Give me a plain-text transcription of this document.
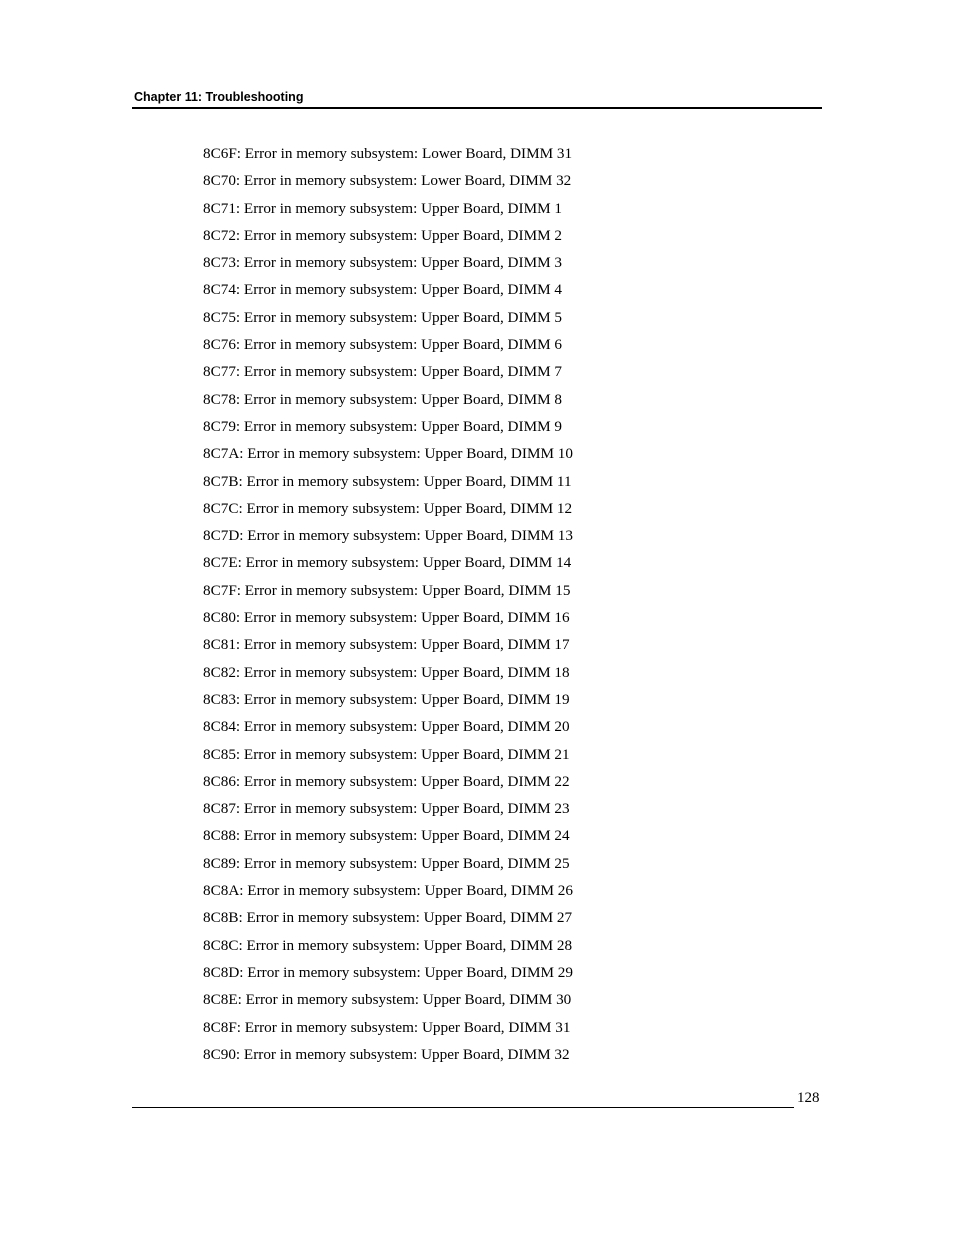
Chapter 11: Troubleshooting
8C6F: Error in memory subsystem: Lower Board, DIMM 31
8C70: Error in memory subsystem: Lower Board, DIMM 32
8C71: Error in memory subsystem: Upper Board, DIMM 1
8C72: Error in memory subsystem: Upper Board, DIMM 2
8C73: Error in memory subsystem: Upper Board, DIMM 3
8C74: Error in memory subsystem: Upper Board, DIMM 4
8C75: Error in memory subsystem: Upper Board, DIMM 5
8C76: Error in memory subsystem: Upper Board, DIMM 6
8C77: Error in memory subsystem: Upper Board, DIMM 7
8C78: Error in memory subsystem: Upper Board, DIMM 8
8C79: Error in memory subsystem: Upper Board, DIMM 9
8C7A: Error in memory subsystem: Upper Board, DIMM 10
8C7B: Error in memory subsystem: Upper Board, DIMM 11
8C7C: Error in memory subsystem: Upper Board, DIMM 12
8C7D: Error in memory subsystem: Upper Board, DIMM 13
8C7E: Error in memory subsystem: Upper Board, DIMM 14
8C7F: Error in memory subsystem: Upper Board, DIMM 15
8C80: Error in memory subsystem: Upper Board, DIMM 16
8C81: Error in memory subsystem: Upper Board, DIMM 17
8C82: Error in memory subsystem: Upper Board, DIMM 18
8C83: Error in memory subsystem: Upper Board, DIMM 19
8C84: Error in memory subsystem: Upper Board, DIMM 20
8C85: Error in memory subsystem: Upper Board, DIMM 21
8C86: Error in memory subsystem: Upper Board, DIMM 22
8C87: Error in memory subsystem: Upper Board, DIMM 23
8C88: Error in memory subsystem: Upper Board, DIMM 24
8C89: Error in memory subsystem: Upper Board, DIMM 25
8C8A: Error in memory subsystem: Upper Board, DIMM 26
8C8B: Error in memory subsystem: Upper Board, DIMM 27
8C8C: Error in memory subsystem: Upper Board, DIMM 28
8C8D: Error in memory subsystem: Upper Board, DIMM 29
8C8E: Error in memory subsystem: Upper Board, DIMM 30
8C8F: Error in memory subsystem: Upper Board, DIMM 31
8C90: Error in memory subsystem: Upper Board, DIMM 32
128
